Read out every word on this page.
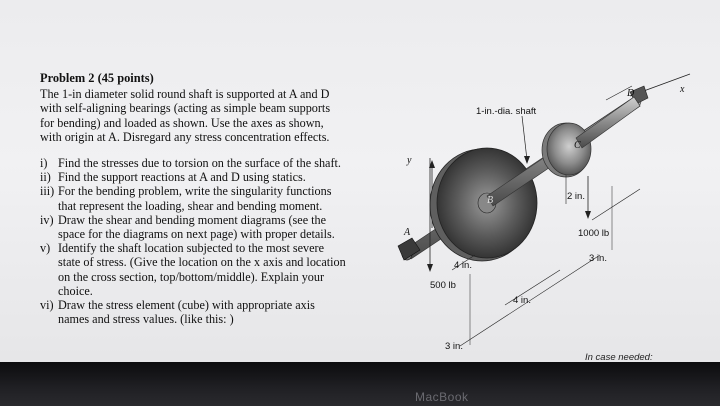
Problem 2 (45 points)
The 1-in diameter solid round shaft is supported at A and D
with self-aligning bearings (acting as simple beam supports
for bending) and loaded as shown. Use the axes as shown,
with origin at A. Disregard any stress concentration effects.
i) Find the stresses due to torsion on the surface of the shaft.
ii) Find the support reactions at A and D using statics.
iii) For the bending problem, write the singularity functions
that represent the loading, shear and bending moment.
iv) Draw the shear and bending moment diagrams (see the
space for the diagrams on next page) with proper details.
v) Identify the shaft location subjected to the most severe
state of stress. (Give the location on the x axis and location
on the cross section, top/bottom/middle). Explain your
choice.
vi) Draw the stress element (cube) with appropriate axis
names and stress values. (like this: )
1-in.-dia. shaft
x
y
A
B
C
D
500 lb
1000 lb
4 in.
4 in.
3 in.
3 in.
2 in.
In case needed:
MacBook
